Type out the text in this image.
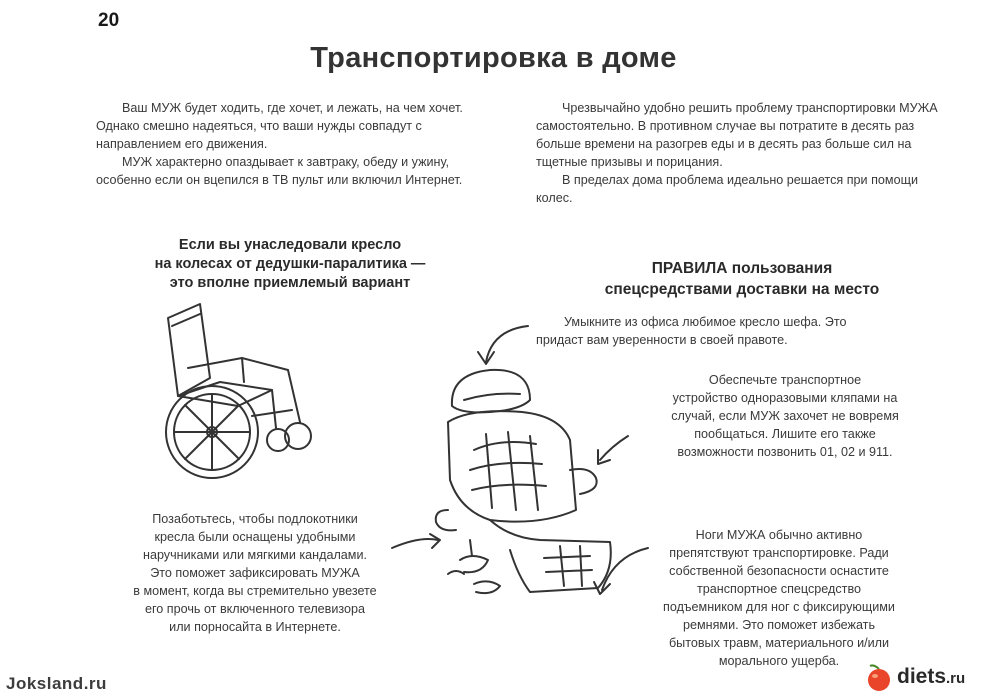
20
Транспортировка в доме

Ваш МУЖ будет ходить, где хочет, и лежать, на чем хочет. Однако смешно надеяться, что ваши нужды совпадут с направлением его движения.

МУЖ характерно опаздывает к завтраку, обеду и ужину, особенно если он вцепился в ТВ пульт или включил Интернет.

Чрезвычайно удобно решить проблему транспортировки МУЖА самостоятельно. В противном случае вы потратите в десять раз больше времени на разогрев еды и в десять раз больше сил на тщетные призывы и порицания.

В пределах дома проблема идеально решается при помощи колес.

Если вы унаследовали кресло
на колесах от дедушки-паралитика —
это вполне приемлемый вариант
ПРАВИЛА пользования
спецсредствами доставки на место
Умыкните из офиса любимое кресло шефа. Это
придаст вам уверенности в своей правоте.
Обеспечьте транспортное
устройство одноразовыми кляпами на
случай, если МУЖ захочет не вовремя
пообщаться. Лишите его также
возможности позвонить 01, 02 и 911.
Позаботьтесь, чтобы подлокотники
кресла были оснащены удобными
наручниками или мягкими кандалами.
Это поможет зафиксировать МУЖА
в момент, когда вы стремительно увезете
его прочь от включенного телевизора
или порносайта в Интернете.
Ноги МУЖА обычно активно
препятствуют транспортировке. Ради
собственной безопасности оснастите
транспортное спецсредство
подъемником для ног с фиксирующими
ремнями. Это поможет избежать
бытовых травм, материального и/или
морального ущерба.
Joksland.ru	diets.ru
